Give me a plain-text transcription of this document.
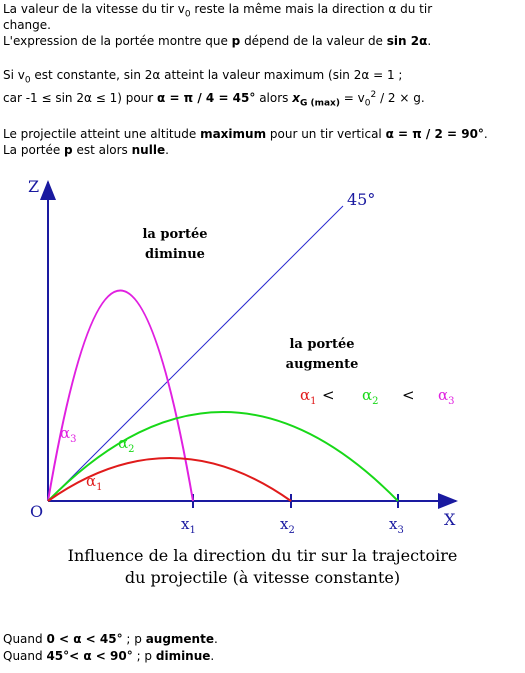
La valeur de la vitesse du tir $v_0$ reste la même mais la direction α du tir
change.
L'expression de la portée montre que p dépend de la valeur de sin 2α.
Si $v_0$ est constante, sin 2α atteint la valeur maximum (sin 2α = 1 ;
car -1 ≤ sin 2α ≤ 1) pour α = π / 4 = 45° alors $x_{G (max)} = v_0^2 / 2 \times g$.
Le projectile atteint une altitude maximum pour un tir vertical α = π / 2 = 90°.
La portée p est alors nulle.
Z
X
O
45°
$x_1$	$x_2$	$x_3$
la portée
diminue
la portée
augmente
$\alpha_1 < \alpha_2 < \alpha_3$
$\alpha_3$	$\alpha_2$
$\alpha_1$
Influence de la direction du tir sur la trajectoire
du projectile (à vitesse constante)
Quand 0 < α < 45° ; p augmente.
Quand 45°< α < 90° ; p diminue.
